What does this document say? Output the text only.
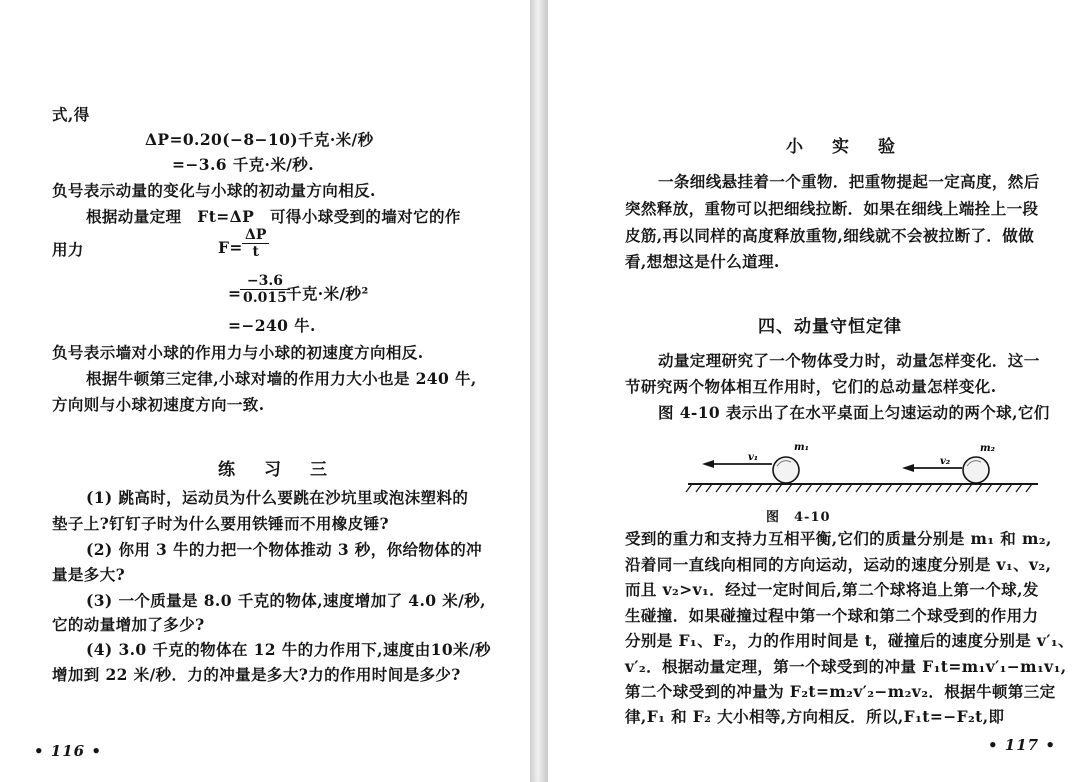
式,得
ΔP=0.20(−8−10)千克·米/秒
=−3.6 千克·米/秒.
负号表示动量的变化与小球的初动量方向相反.
根据动量定理　Ft=ΔP　可得小球受到的墙对它的作
用力	$F= \frac{\Delta P}{t}$
=
$\frac{-3.6}{0.015}$
千克·米/秒²
=−240 牛.
负号表示墙对小球的作用力与小球的初速度方向相反.
根据牛顿第三定律,小球对墙的作用力大小也是 240 牛,
方向则与小球初速度方向一致.
练　习　三
(1) 跳高时，运动员为什么要跳在沙坑里或泡沫塑料的
垫子上?钉钉子时为什么要用铁锤而不用橡皮锤?
(2) 你用 3 牛的力把一个物体推动 3 秒，你给物体的冲
量是多大?
(3) 一个质量是 8.0 千克的物体,速度增加了 4.0 米/秒,
它的动量增加了多少?
(4) 3.0 千克的物体在 12 牛的力作用下,速度由10米/秒
增加到 22 米/秒．力的冲量是多大?力的作用时间是多少?
• 116 •
小　实　验
一条细线悬挂着一个重物．把重物提起一定高度，然后
突然释放，重物可以把细线拉断．如果在细线上端拴上一段
皮筋,再以同样的高度释放重物,细线就不会被拉断了．做做
看,想想这是什么道理.
四、动量守恒定律
动量定理研究了一个物体受力时，动量怎样变化．这一
节研究两个物体相互作用时，它们的总动量怎样变化.
图 4-10 表示出了在水平桌面上匀速运动的两个球,它们
m₁
v₁
m₂
v₂
图　4-10
受到的重力和支持力互相平衡,它们的质量分别是 m₁ 和 m₂,
沿着同一直线向相同的方向运动，运动的速度分别是 v₁、v₂,
而且 v₂>v₁．经过一定时间后,第二个球将追上第一个球,发
生碰撞．如果碰撞过程中第一个球和第二个球受到的作用力
分别是 F₁、F₂，力的作用时间是 t，碰撞后的速度分别是 v′₁、
v′₂．根据动量定理，第一个球受到的冲量 F₁t=m₁v′₁−m₁v₁,
第二个球受到的冲量为 F₂t=m₂v′₂−m₂v₂．根据牛顿第三定
律,F₁ 和 F₂ 大小相等,方向相反．所以,F₁t=−F₂t,即
• 117 •
